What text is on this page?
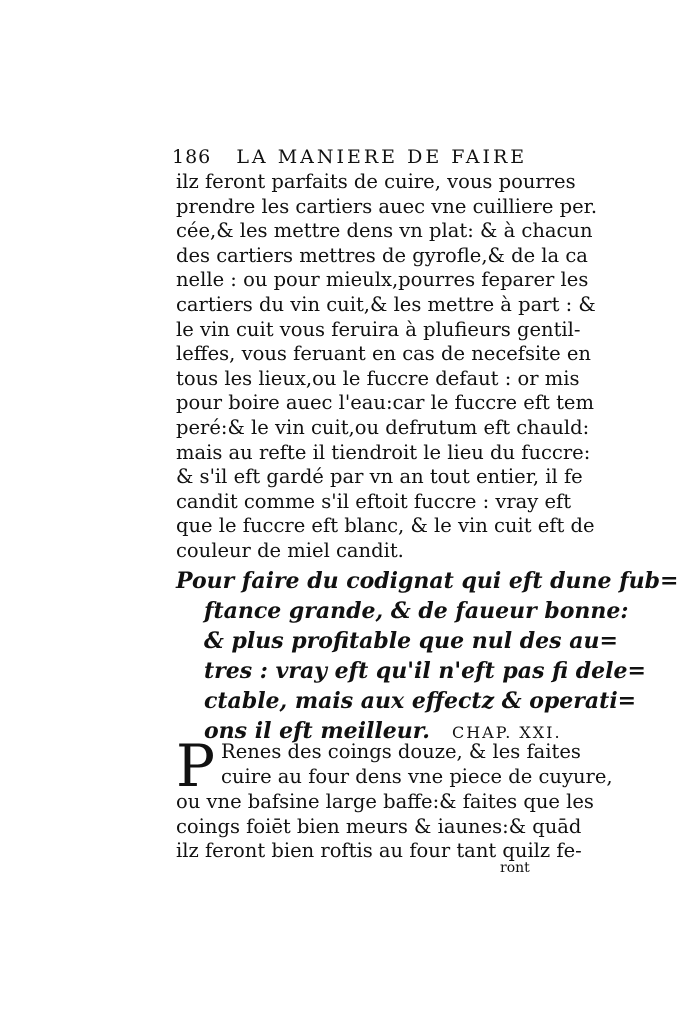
186 LA MANIERE DE FAIRE
ilz feront parfaits de cuire, vous pourres
prendre les cartiers auec vne cuilliere per.
cée,& les mettre dens vn plat: & à chacun
des cartiers mettres de gyrofle,& de la ca
nelle : ou pour mieulx,pourres feparer les
cartiers du vin cuit,& les mettre à part : &
le vin cuit vous feruira à plufieurs gentil-
leffes, vous feruant en cas de necefsite en
tous les lieux,ou le fuccre defaut : or mis
pour boire auec l'eau:car le fuccre eft tem
peré:& le vin cuit,ou defrutum eft chauld:
mais au refte il tiendroit le lieu du fuccre:
& s'il eft gardé par vn an tout entier, il fe
candit comme s'il eftoit fuccre : vray eft
que le fuccre eft blanc, & le vin cuit eft de
couleur de miel candit.
Pour faire du codignat qui eft dune fub=
ftance grande, & de faueur bonne:
& plus profitable que nul des au=
tres : vray eft qu'il n'eft pas fi dele=
ctable, mais aux effectz & operati=
ons il eft meilleur. CHAP. XXI.
P Renes des coings douze, & les faites
cuire au four dens vne piece de cuyure,
ou vne bafsine large baffe:& faites que les
coings foiēt bien meurs & iaunes:& quād
ilz feront bien roftis au four tant quilz fe-
ront
